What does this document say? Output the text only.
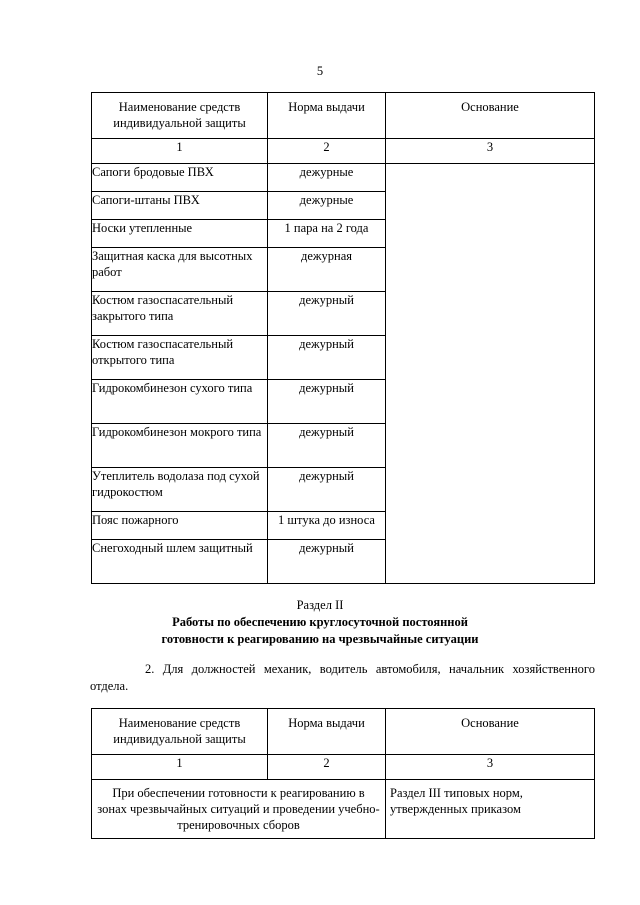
5
Наименование средств индивидуальной защиты	Норма выдачи	Основание
1	2	3
Сапоги бродовые ПВХ	дежурные	
Сапоги-штаны ПВХ	дежурные	
Носки утепленные	1 пара на 2 года	
Защитная каска для высотных работ	дежурная	
Костюм газоспасательный закрытого типа	дежурный	
Костюм газоспасательный открытого типа	дежурный	
Гидрокомбинезон сухого типа	дежурный	
Гидрокомбинезон мокрого типа	дежурный	
Утеплитель водолаза под сухой гидрокостюм	дежурный	
Пояс пожарного	1 штука до износа	
Снегоходный шлем защитный	дежурный	
Раздел II
Работы по обеспечению круглосуточной постоянной
готовности к реагированию на чрезвычайные ситуации
2. Для должностей механик, водитель автомобиля, начальник хозяйственного отдела.
Наименование средств индивидуальной защиты	Норма выдачи	Основание
1	2	3
При обеспечении готовности к реагированию в зонах чрезвычайных ситуаций и проведении учебно-тренировочных сборов		Раздел III типовых норм, утвержденных приказом
